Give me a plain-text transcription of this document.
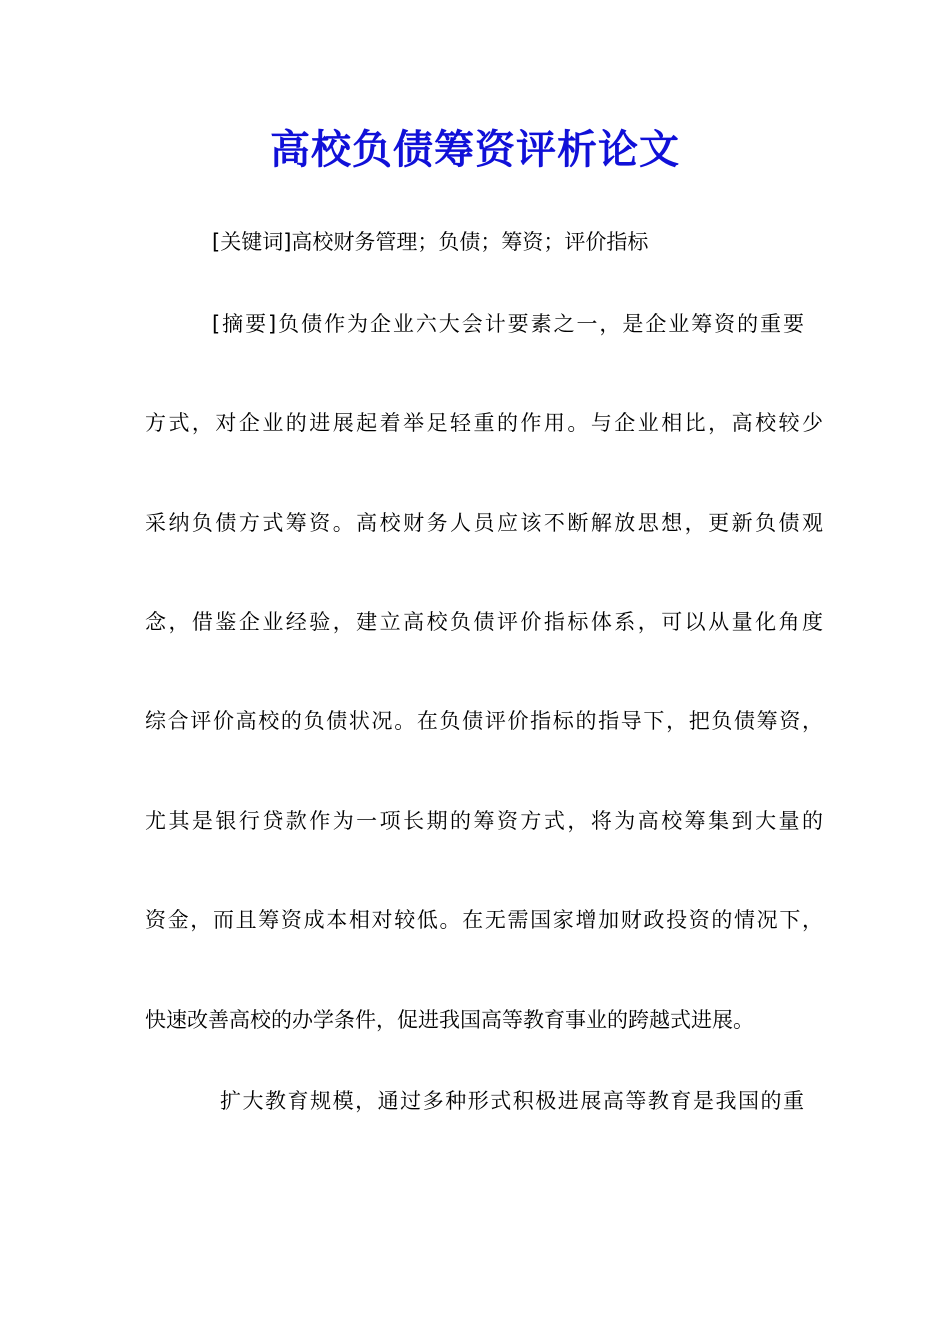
高校负债筹资评析论文
[关键词]高校财务管理；负债；筹资；评价指标
[摘要]负债作为企业六大会计要素之一，是企业筹资的重要
方式，对企业的进展起着举足轻重的作用。与企业相比，高校较少
采纳负债方式筹资。高校财务人员应该不断解放思想，更新负债观
念，借鉴企业经验，建立高校负债评价指标体系，可以从量化角度
综合评价高校的负债状况。在负债评价指标的指导下，把负债筹资，
尤其是银行贷款作为一项长期的筹资方式，将为高校筹集到大量的
资金，而且筹资成本相对较低。在无需国家增加财政投资的情况下，
快速改善高校的办学条件，促进我国高等教育事业的跨越式进展。
扩大教育规模，通过多种形式积极进展高等教育是我国的重
